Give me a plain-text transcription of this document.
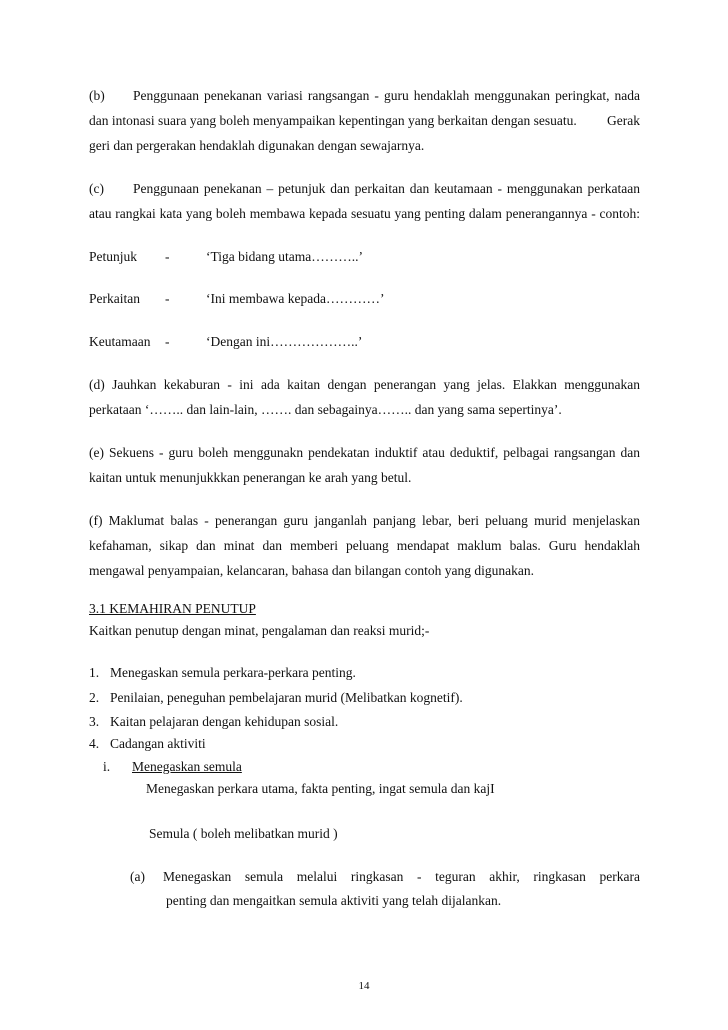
(b) Penggunaan penekanan variasi rangsangan - guru hendaklah menggunakan peringkat, nada
dan intonasi suara yang boleh menyampaikan kepentingan yang berkaitan dengan sesuatu.	Gerak
geri dan pergerakan hendaklah digunakan dengan sewajarnya.
(c) Penggunaan penekanan – petunjuk dan perkaitan dan keutamaan - menggunakan perkataan
atau rangkai kata yang boleh membawa kepada sesuatu yang penting dalam penerangannya - contoh:
Petunjuk -	‘Tiga bidang utama………..’
Perkaitan -	‘Ini membawa kepada…………’
Keutamaan -	‘Dengan ini………………..’
(d) Jauhkan kekaburan - ini ada kaitan dengan penerangan yang jelas. Elakkan menggunakan
perkataan ‘…….. dan lain-lain, ……. dan sebagainya…….. dan yang sama sepertinya’.
(e) Sekuens - guru boleh menggunakn pendekatan induktif atau deduktif, pelbagai rangsangan dan
kaitan untuk menunjukkkan penerangan ke arah yang betul.
(f) Maklumat balas - penerangan guru janganlah panjang lebar, beri peluang murid menjelaskan
kefahaman, sikap dan minat dan memberi peluang mendapat maklum balas. Guru hendaklah
mengawal penyampaian, kelancaran, bahasa dan bilangan contoh yang digunakan.
3.1 KEMAHIRAN PENUTUP
Kaitkan penutup dengan minat, pengalaman dan reaksi murid;-
1. Menegaskan semula perkara-perkara penting.
2. Penilaian, peneguhan pembelajaran murid (Melibatkan kognetif).
3. Kaitan pelajaran dengan kehidupan sosial.
4. Cadangan aktiviti
i. Menegaskan semula
Menegaskan perkara utama, fakta penting, ingat semula dan kajI
Semula ( boleh melibatkan murid )
(a) Menegaskan semula melalui ringkasan - teguran akhir, ringkasan perkara
penting dan mengaitkan semula aktiviti yang telah dijalankan.
14
